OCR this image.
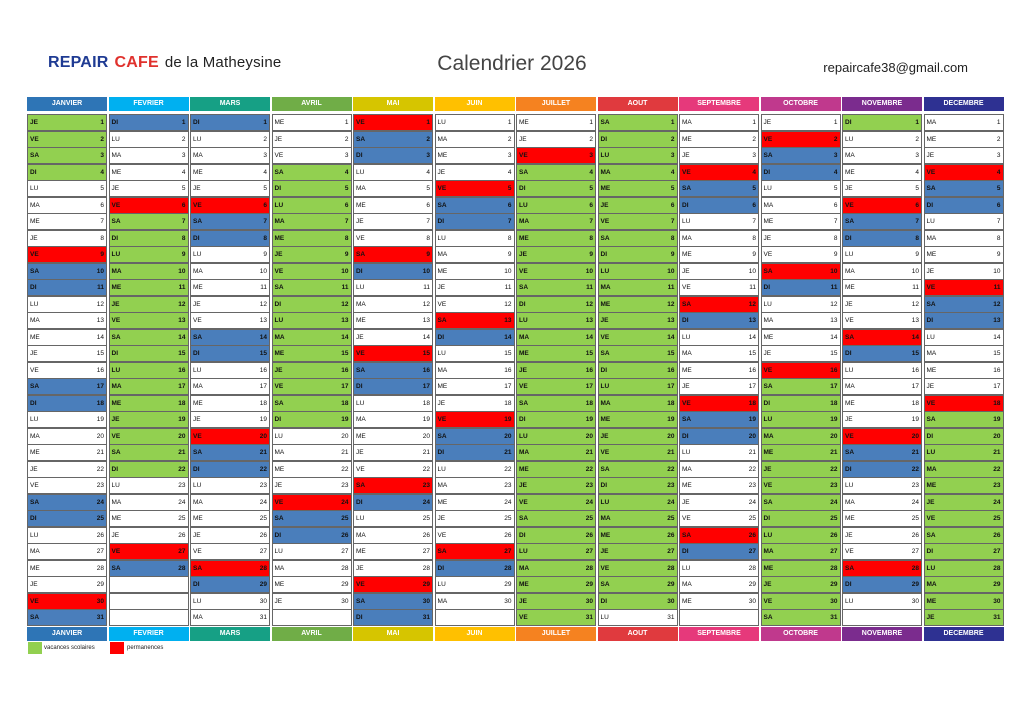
REPAIR CAFE de la Matheysine	Calendrier 2026	repaircafe38@gmail.com
JANVIER
JE	1
VE	2
SA	3
DI	4
LU	5
MA	6
ME	7
JE	8
VE	9
SA	10
DI	11
LU	12
MA	13
ME	14
JE	15
VE	16
SA	17
DI	18
LU	19
MA	20
ME	21
JE	22
VE	23
SA	24
DI	25
LU	26
MA	27
ME	28
JE	29
VE	30
SA	31
JANVIER
FEVRIER
DI	1
LU	2
MA	3
ME	4
JE	5
VE	6
SA	7
DI	8
LU	9
MA	10
ME	11
JE	12
VE	13
SA	14
DI	15
LU	16
MA	17
ME	18
JE	19
VE	20
SA	21
DI	22
LU	23
MA	24
ME	25
JE	26
VE	27
SA	28
FEVRIER
MARS
DI	1
LU	2
MA	3
ME	4
JE	5
VE	6
SA	7
DI	8
LU	9
MA	10
ME	11
JE	12
VE	13
SA	14
DI	15
LU	16
MA	17
ME	18
JE	19
VE	20
SA	21
DI	22
LU	23
MA	24
ME	25
JE	26
VE	27
SA	28
DI	29
LU	30
MA	31
MARS
AVRIL
ME	1
JE	2
VE	3
SA	4
DI	5
LU	6
MA	7
ME	8
JE	9
VE	10
SA	11
DI	12
LU	13
MA	14
ME	15
JE	16
VE	17
SA	18
DI	19
LU	20
MA	21
ME	22
JE	23
VE	24
SA	25
DI	26
LU	27
MA	28
ME	29
JE	30
AVRIL
MAI
VE	1
SA	2
DI	3
LU	4
MA	5
ME	6
JE	7
VE	8
SA	9
DI	10
LU	11
MA	12
ME	13
JE	14
VE	15
SA	16
DI	17
LU	18
MA	19
ME	20
JE	21
VE	22
SA	23
DI	24
LU	25
MA	26
ME	27
JE	28
VE	29
SA	30
DI	31
MAI
JUIN
LU	1
MA	2
ME	3
JE	4
VE	5
SA	6
DI	7
LU	8
MA	9
ME	10
JE	11
VE	12
SA	13
DI	14
LU	15
MA	16
ME	17
JE	18
VE	19
SA	20
DI	21
LU	22
MA	23
ME	24
JE	25
VE	26
SA	27
DI	28
LU	29
MA	30
JUIN
JUILLET
ME	1
JE	2
VE	3
SA	4
DI	5
LU	6
MA	7
ME	8
JE	9
VE	10
SA	11
DI	12
LU	13
MA	14
ME	15
JE	16
VE	17
SA	18
DI	19
LU	20
MA	21
ME	22
JE	23
VE	24
SA	25
DI	26
LU	27
MA	28
ME	29
JE	30
VE	31
JUILLET
AOUT
SA	1
DI	2
LU	3
MA	4
ME	5
JE	6
VE	7
SA	8
DI	9
LU	10
MA	11
ME	12
JE	13
VE	14
SA	15
DI	16
LU	17
MA	18
ME	19
JE	20
VE	21
SA	22
DI	23
LU	24
MA	25
ME	26
JE	27
VE	28
SA	29
DI	30
LU	31
AOUT
SEPTEMBRE
MA	1
ME	2
JE	3
VE	4
SA	5
DI	6
LU	7
MA	8
ME	9
JE	10
VE	11
SA	12
DI	13
LU	14
MA	15
ME	16
JE	17
VE	18
SA	19
DI	20
LU	21
MA	22
ME	23
JE	24
VE	25
SA	26
DI	27
LU	28
MA	29
ME	30
SEPTEMBRE
OCTOBRE
JE	1
VE	2
SA	3
DI	4
LU	5
MA	6
ME	7
JE	8
VE	9
SA	10
DI	11
LU	12
MA	13
ME	14
JE	15
VE	16
SA	17
DI	18
LU	19
MA	20
ME	21
JE	22
VE	23
SA	24
DI	25
LU	26
MA	27
ME	28
JE	29
VE	30
SA	31
OCTOBRE
NOVEMBRE
DI	1
LU	2
MA	3
ME	4
JE	5
VE	6
SA	7
DI	8
LU	9
MA	10
ME	11
JE	12
VE	13
SA	14
DI	15
LU	16
MA	17
ME	18
JE	19
VE	20
SA	21
DI	22
LU	23
MA	24
ME	25
JE	26
VE	27
SA	28
DI	29
LU	30
NOVEMBRE
DECEMBRE
MA	1
ME	2
JE	3
VE	4
SA	5
DI	6
LU	7
MA	8
ME	9
JE	10
VE	11
SA	12
DI	13
LU	14
MA	15
ME	16
JE	17
VE	18
SA	19
DI	20
LU	21
MA	22
ME	23
JE	24
VE	25
SA	26
DI	27
LU	28
MA	29
ME	30
JE	31
DECEMBRE
vacances scolaires	permanences
